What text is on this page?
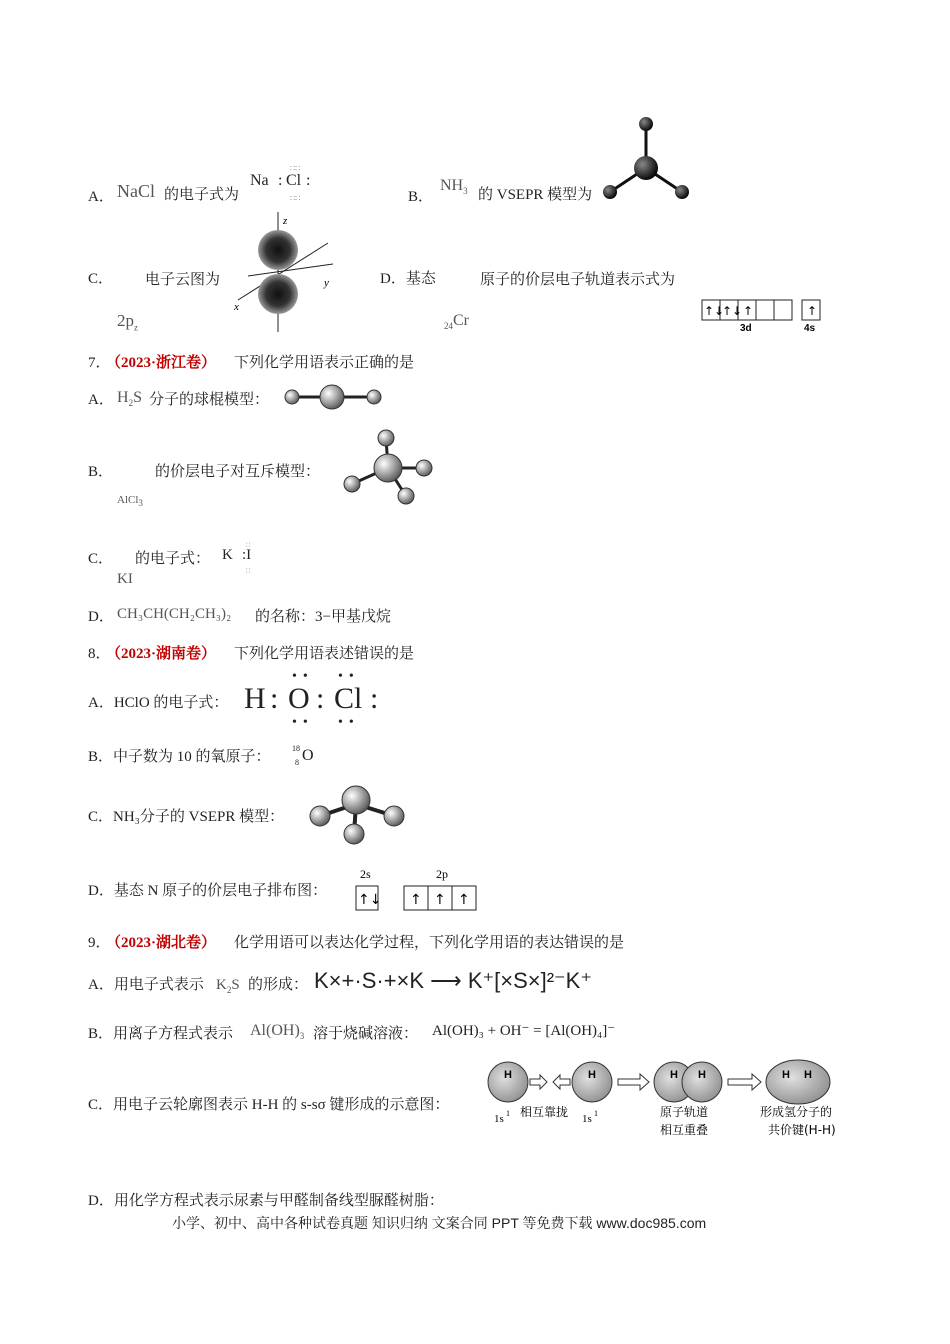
A． NaCl 的电子式为
Na : Cl :
∷∷
∷∷	B．
$NH_3$ 的 VSEPR 模型为
C． 电子云图为
$2p_z$
z
y
x
D．基态	原子的价层电子轨道表示式为
$_{24}$Cr
↑↓
↑↓ ↑	↑
3d	4s
7．
（2023·浙江卷） 下列化学用语表示正确的是
A． $H_2S$ 分子的球棍模型：
B．	的价层电子对互斥模型：
AlCl$_3$
C． 的电子式：
KI
K :I
∷
∷
D． CH₃CH(CH₂CH₃)₂ 的名称：3−甲基戊烷
8．
（2023·湖南卷） 下列化学用语表述错误的是
A．HClO 的电子式： H : O : Cl :
••
••
••
••
B．中子数为 10 的氧原子：
18
8 O
C．NH₃分子的 VSEPR 模型：
D．基态 N 原子的价层电子排布图：
2s	2p
↑↓ ↑ ↑ ↑
9．
（2023·湖北卷） 化学用语可以表达化学过程，下列化学用语的表达错误的是
A．用电子式表示 $K_2S$ 的形成： K×+·S·+×K ⟶ K⁺[×S×]²⁻K⁺
B．用离子方程式表示 $Al(OH)_3$ 溶于烧碱溶液： Al(OH)₃ + OH⁻ = [Al(OH)₄]⁻
C．用电子云轮廓图表示 H-H 的 s-sσ 键形成的示意图：
H	H	H H	H H
1s 1	1s 1
相互靠拢	原子轨道
相互重叠
形成氢分子的
共价键(H-H)
D．用化学方程式表示尿素与甲醛制备线型脲醛树脂：
小学、初中、高中各种试卷真题 知识归纳 文案合同 PPT 等免费下载 www.doc985.com
